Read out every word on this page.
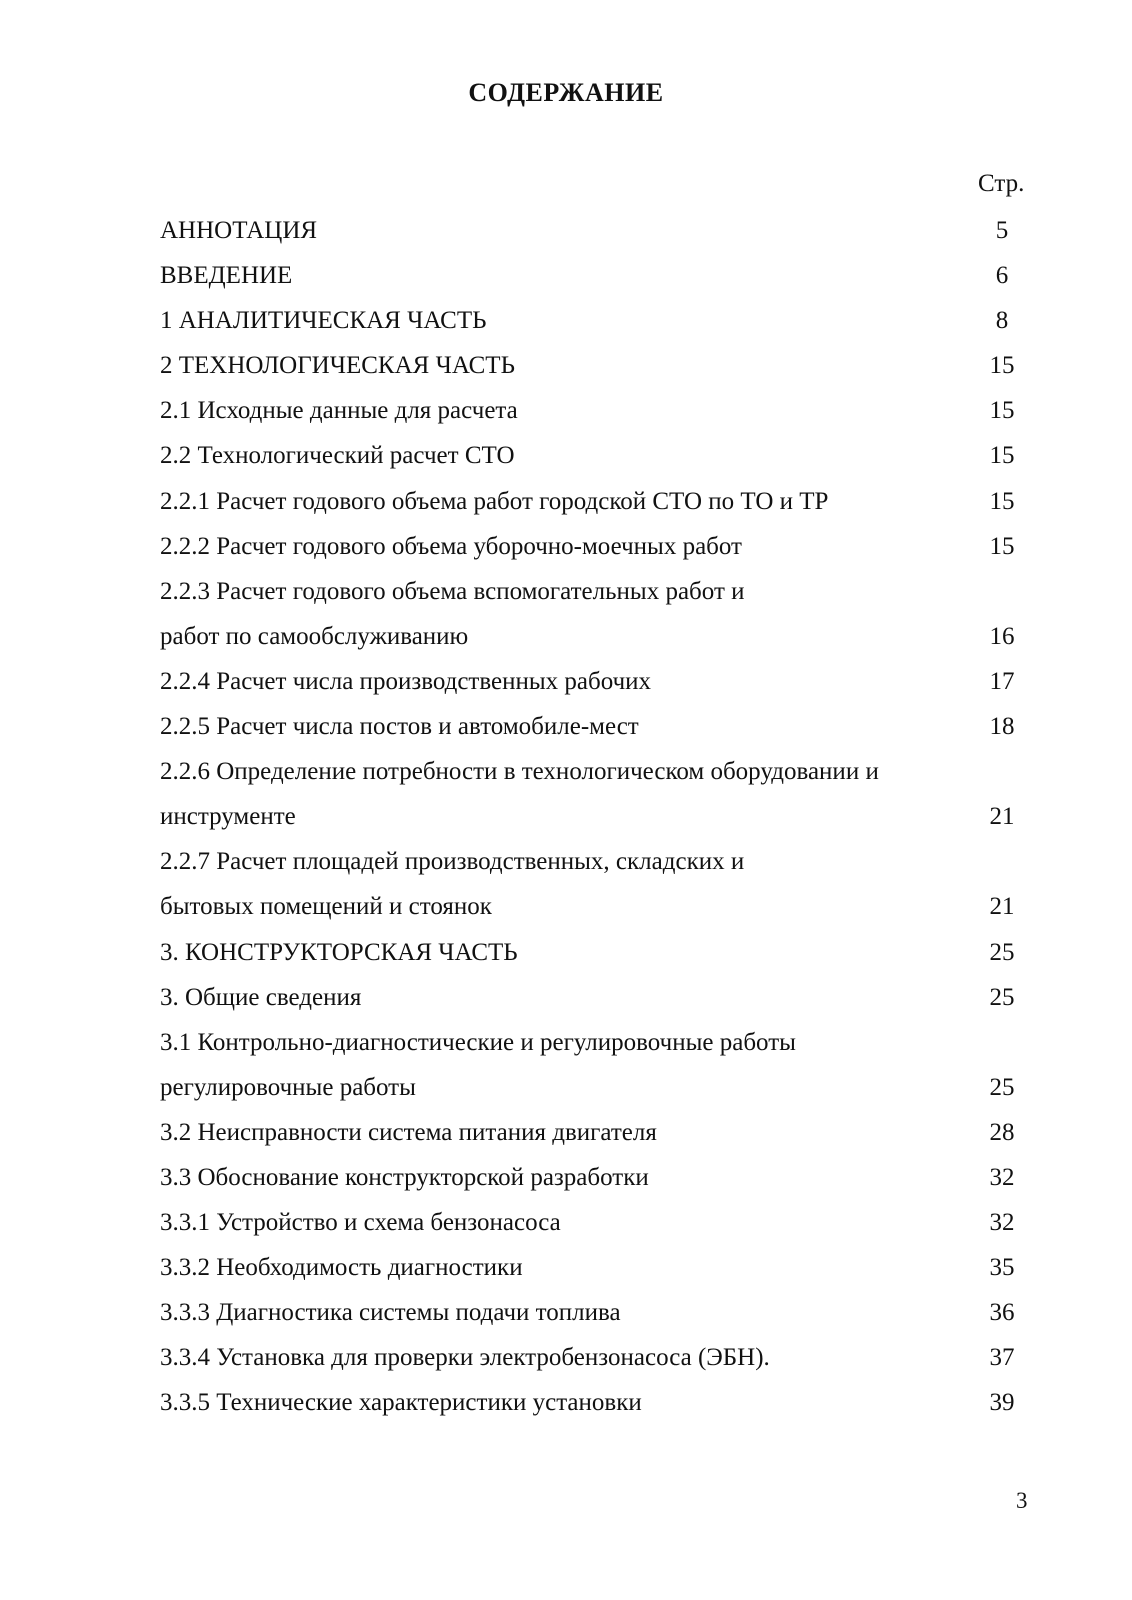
СОДЕРЖАНИЕ
Стр.
АННОТАЦИЯ	5
ВВЕДЕНИЕ	6
1 АНАЛИТИЧЕСКАЯ ЧАСТЬ	8
2 ТЕХНОЛОГИЧЕСКАЯ ЧАСТЬ	15
2.1 Исходные данные для расчета	15
2.2 Технологический расчет СТО	15
2.2.1 Расчет годового объема работ городской СТО по ТО и ТР	15
2.2.2 Расчет годового объема уборочно-моечных работ	15
2.2.3 Расчет годового объема вспомогательных работ и
работ по самообслуживанию	16
2.2.4 Расчет числа производственных рабочих	17
2.2.5 Расчет числа постов и автомобиле-мест	18
2.2.6 Определение потребности в технологическом оборудовании и
инструменте	21
2.2.7 Расчет площадей производственных, складских и
бытовых помещений и стоянок	21
3. КОНСТРУКТОРСКАЯ ЧАСТЬ	25
3. Общие сведения	25
3.1 Контрольно-диагностические и регулировочные работы
регулировочные работы	25
3.2 Неисправности система питания двигателя	28
3.3 Обоснование конструкторской разработки	32
3.3.1 Устройство и схема бензонасоса	32
3.3.2 Необходимость диагностики	35
3.3.3 Диагностика системы подачи топлива	36
3.3.4 Установка для проверки электробензонасоса (ЭБН).	37
3.3.5 Технические характеристики установки	39
3
